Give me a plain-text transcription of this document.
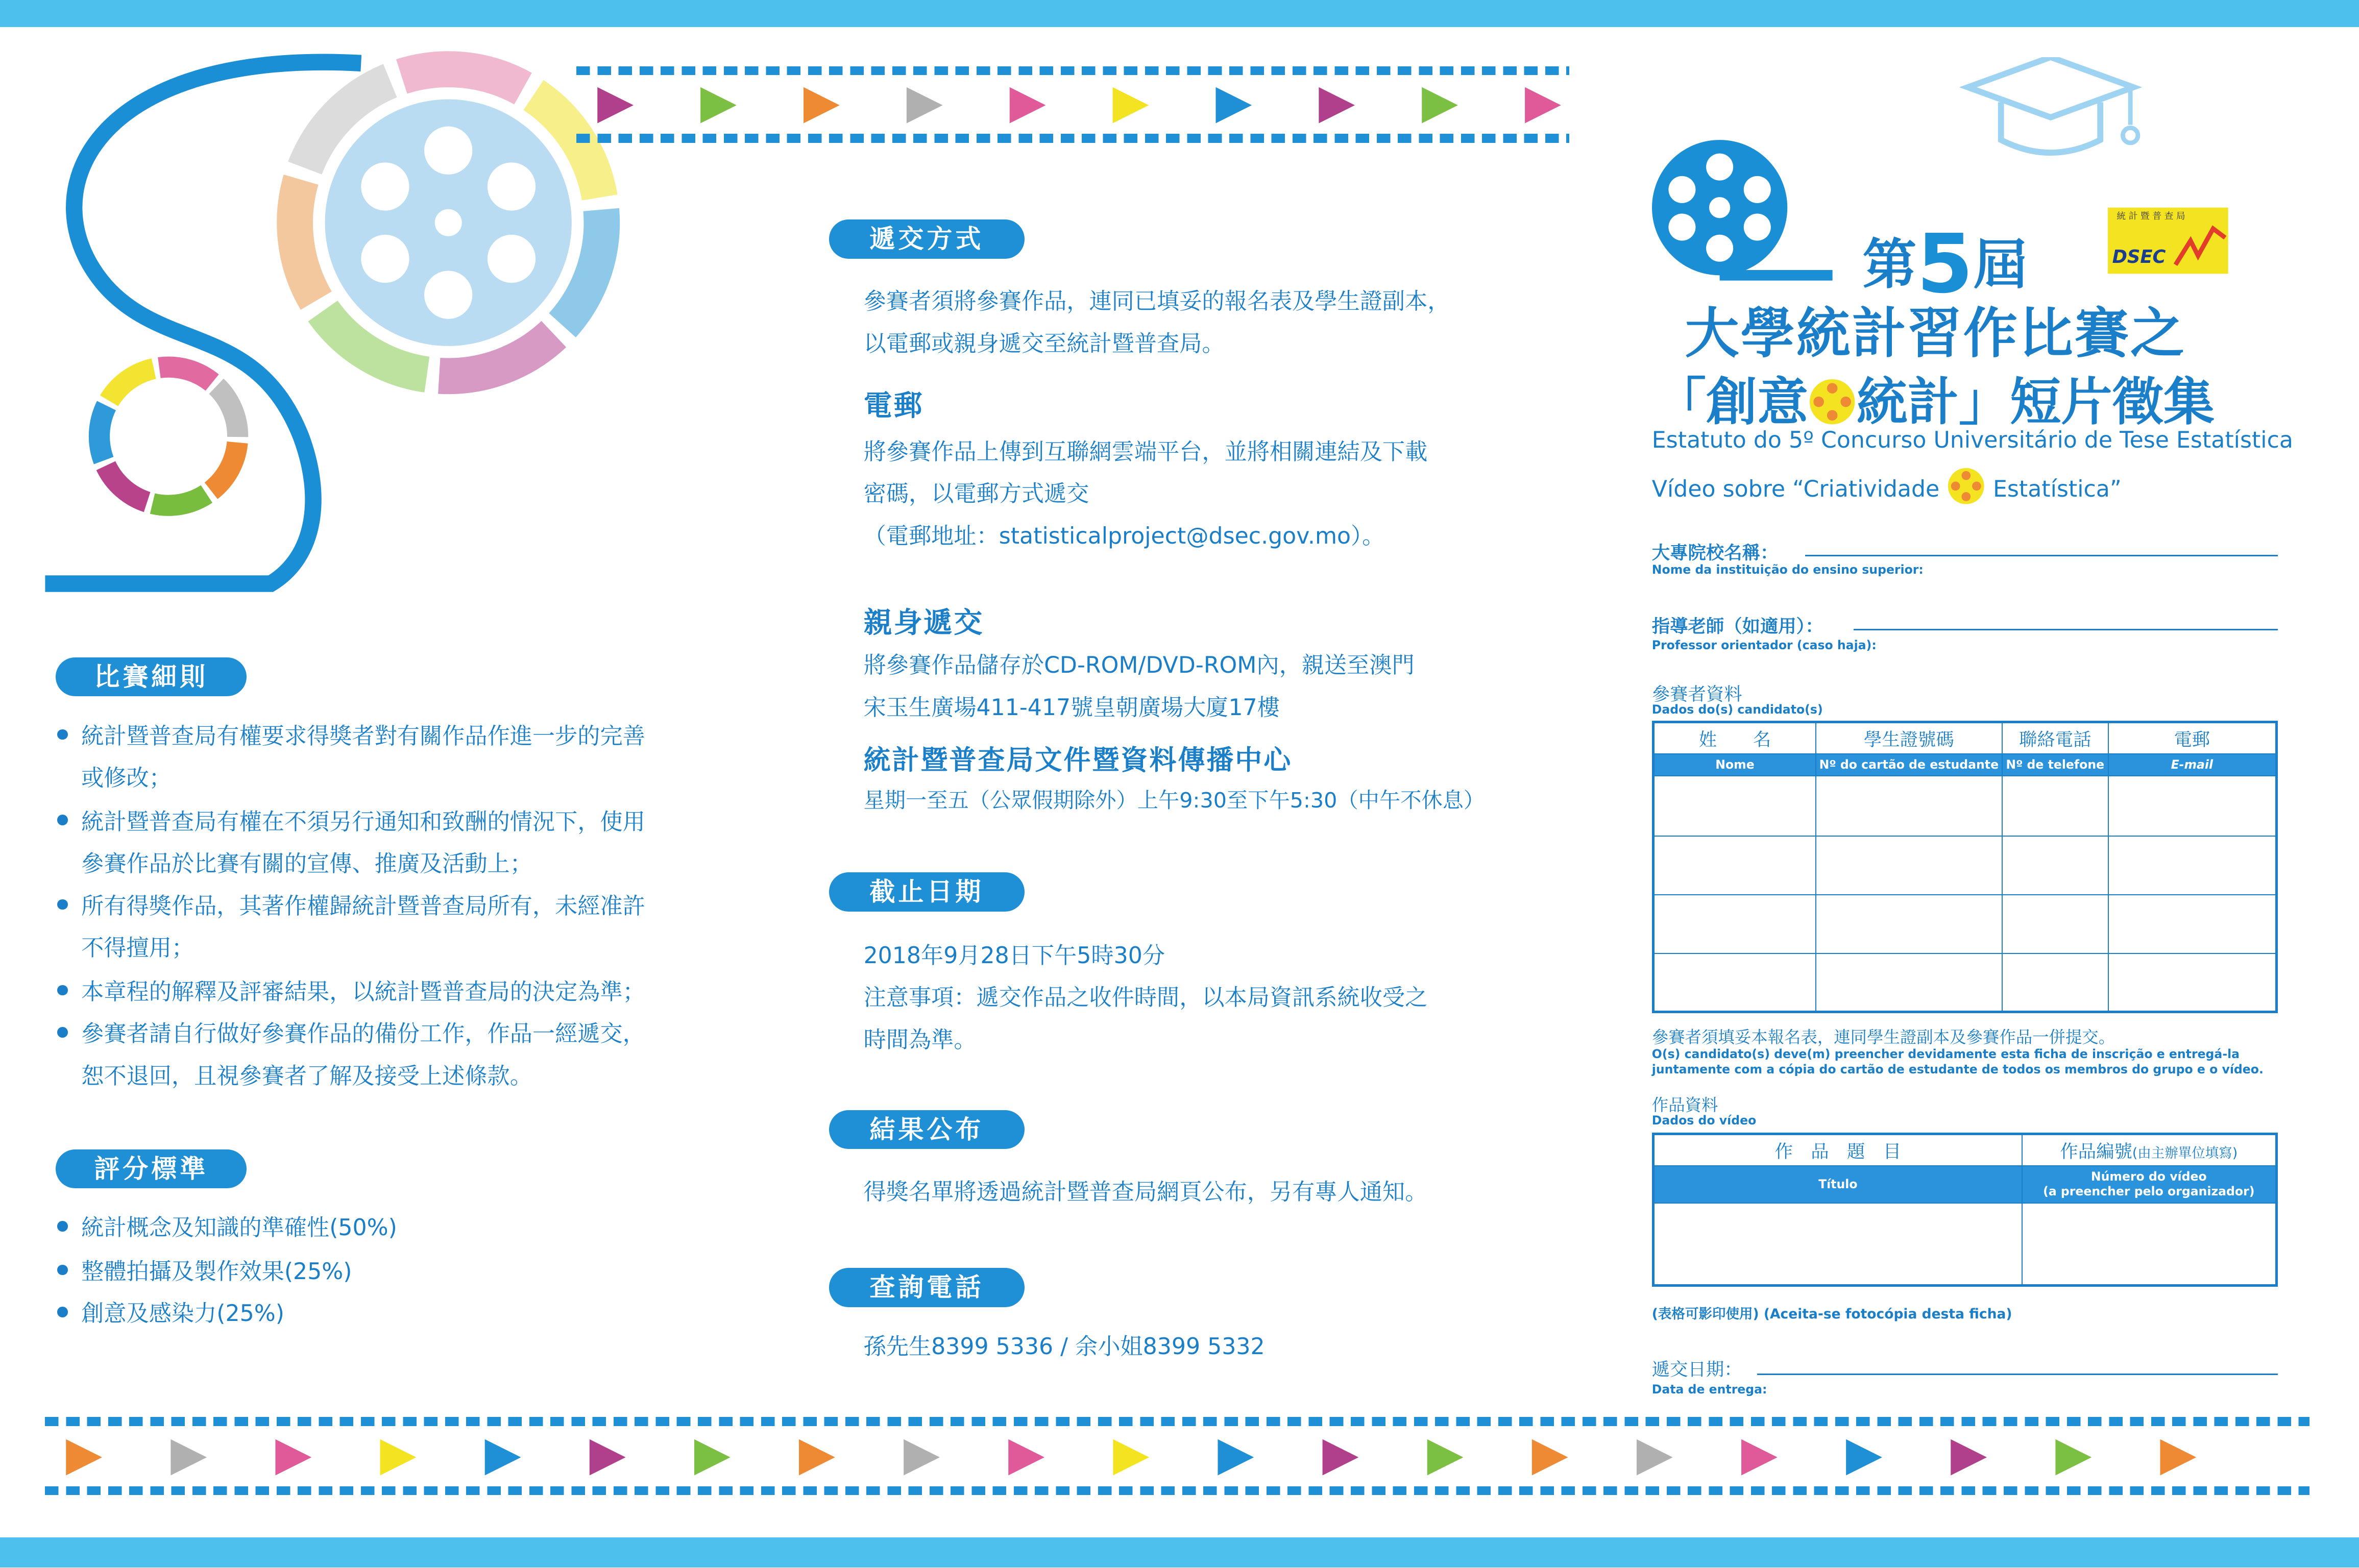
比賽細則
統計暨普查局有權要求得獎者對有關作品作進一步的完善
或修改；
統計暨普查局有權在不須另行通知和致酬的情況下，使用
參賽作品於比賽有關的宣傳、推廣及活動上；
所有得獎作品，其著作權歸統計暨普查局所有，未經准許
不得擅用；
本章程的解釋及評審結果，以統計暨普查局的決定為準；
參賽者請自行做好參賽作品的備份工作，作品一經遞交，
恕不退回，且視參賽者了解及接受上述條款。
評分標準
統計概念及知識的準確性(50%)
整體拍攝及製作效果(25%)
創意及感染力(25%)
遞交方式
參賽者須將參賽作品，連同已填妥的報名表及學生證副本，
以電郵或親身遞交至統計暨普查局。
電郵
將參賽作品上傳到互聯網雲端平台，並將相關連結及下載
密碼，以電郵方式遞交
（電郵地址：statisticalproject@dsec.gov.mo）。
親身遞交
將參賽作品儲存於CD-ROM/DVD-ROM內，親送至澳門
宋玉生廣場411-417號皇朝廣場大廈17樓
統計暨普查局文件暨資料傳播中心
星期一至五（公眾假期除外）上午9:30至下午5:30（中午不休息）
截止日期
2018年9月28日下午5時30分
注意事項：遞交作品之收件時間，以本局資訊系統收受之
時間為準。
結果公布
得獎名單將透過統計暨普查局網頁公布，另有專人通知。
查詢電話
孫先生8399 5336 / 余小姐8399 5332
統 計 暨 普 查 局
DSEC
第5屆
大學統計習作比賽之
「創意	統計」短片徵集
Estatuto do 5º Concurso Universitário de Tese Estatística
Vídeo sobre “Criatividade	Estatística”
大專院校名稱：
Nome da instituição do ensino superior:
指導老師（如適用）：
Professor orientador (caso haja):
參賽者資料
Dados do(s) candidato(s)
姓　　名	學生證號碼	聯絡電話	電郵
Nome	Nº do cartão de estudante	Nº de telefone	E-mail

參賽者須填妥本報名表，連同學生證副本及參賽作品一併提交。
O(s) candidato(s) deve(m) preencher devidamente esta ficha de inscrição e entregá-la
juntamente com a cópia do cartão de estudante de todos os membros do grupo e o vídeo.
作品資料
Dados do vídeo
作　品　題　目	作品編號(由主辦單位填寫)
Título	Número do vídeo
(a preencher pelo organizador)

(表格可影印使用) (Aceita-se fotocópia desta ficha)
遞交日期：
Data de entrega:
